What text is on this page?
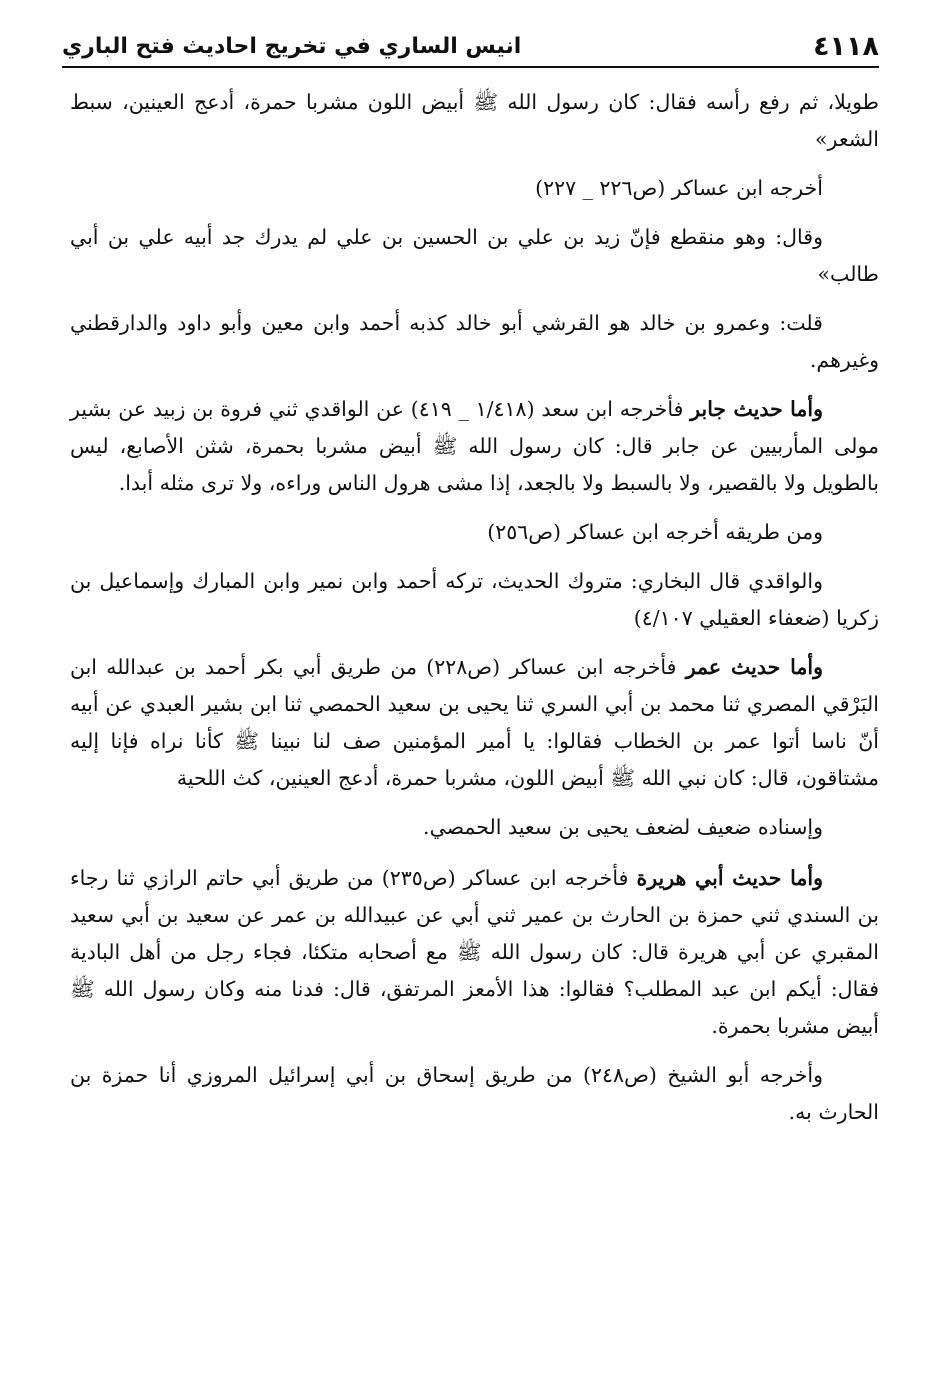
٤١١٨
انيس الساري في تخريج احاديث فتح الباري

طويلا، ثم رفع رأسه فقال: كان رسول الله ﷺ أبيض اللون مشربا حمرة، أدعج العينين، سبط الشعر»

أخرجه ابن عساكر (ص٢٢٦ _ ٢٢٧)

وقال: وهو منقطع فإنّ زيد بن علي بن الحسين بن علي لم يدرك جد أبيه علي بن أبي طالب»

قلت: وعمرو بن خالد هو القرشي أبو خالد كذبه أحمد وابن معين وأبو داود والدارقطني وغيرهم.

وأما حديث جابر فأخرجه ابن سعد (١/٤١٨ _ ٤١٩) عن الواقدي ثني فروة بن زبيد عن بشير مولى المأربيين عن جابر قال: كان رسول الله ﷺ أبيض مشربا بحمرة، شثن الأصابع، ليس بالطويل ولا بالقصير، ولا بالسبط ولا بالجعد، إذا مشى هرول الناس وراءه، ولا ترى مثله أبدا.

ومن طريقه أخرجه ابن عساكر (ص٢٥٦)

والواقدي قال البخاري: متروك الحديث، تركه أحمد وابن نمير وابن المبارك وإسماعيل بن زكريا (ضعفاء العقيلي ٤/١٠٧)

وأما حديث عمر فأخرجه ابن عساكر (ص٢٢٨) من طريق أبي بكر أحمد بن عبدالله ابن البَرْقي المصري ثنا محمد بن أبي السري ثنا يحيى بن سعيد الحمصي ثنا ابن بشير العبدي عن أبيه أنّ ناسا أتوا عمر بن الخطاب فقالوا: يا أمير المؤمنين صف لنا نبينا ﷺ كأنا نراه فإنا إليه مشتاقون، قال: كان نبي الله ﷺ أبيض اللون، مشربا حمرة، أدعج العينين، كث اللحية

وإسناده ضعيف لضعف يحيى بن سعيد الحمصي.

وأما حديث أبي هريرة فأخرجه ابن عساكر (ص٢٣٥) من طريق أبي حاتم الرازي ثنا رجاء بن السندي ثني حمزة بن الحارث بن عمير ثني أبي عن عبيدالله بن عمر عن سعيد بن أبي سعيد المقبري عن أبي هريرة قال: كان رسول الله ﷺ مع أصحابه متكئا، فجاء رجل من أهل البادية فقال: أيكم ابن عبد المطلب؟ فقالوا: هذا الأمعز المرتفق، قال: فدنا منه وكان رسول الله ﷺ أبيض مشربا بحمرة.

وأخرجه أبو الشيخ (ص٢٤٨) من طريق إسحاق بن أبي إسرائيل المروزي أنا حمزة بن الحارث به.
